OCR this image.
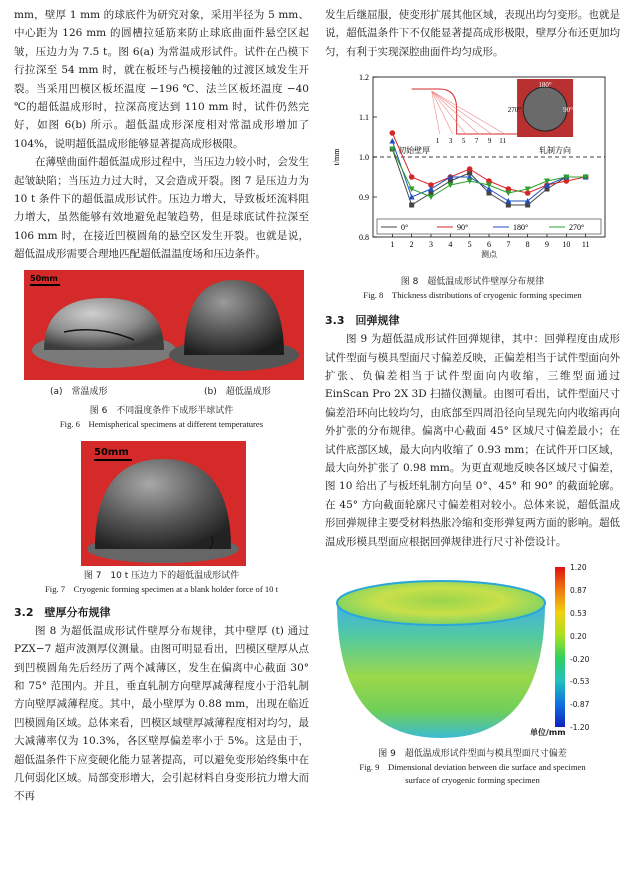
mm，壁厚 1 mm 的球底件为研究对象，采用半径为 5 mm、中心距为 126 mm 的圆槽拉延筋来防止球底曲面件悬空区起皱，压边力为 7.5 t。图 6(a) 为常温成形试件。试件在凸模下行拉深至 54 mm 时，就在板坯与凸模接触的过渡区域发生开裂。当采用凹模区板坯温度 −196 ℃、法兰区板坯温度 −40 ℃的超低温成形时，拉深高度达到 110 mm 时，试件仍然完好，如图 6(b) 所示。超低温成形深度相对常温成形增加了 104%，说明超低温成形能够显著提高成形极限。

在薄壁曲面件超低温成形过程中，当压边力较小时，会发生起皱缺陷；当压边力过大时，又会造成开裂。图 7 是压边力为 10 t 条件下的超低温成形试件。压边力增大，导致板坯流料阻力增大，虽然能够有效地避免起皱趋势，但是球底试件拉深至 106 mm 时，在接近凹模圆角的悬空区发生开裂。也就是说，超低温成形需要合理地匹配超低温温度场和压边条件。

50mm
(a)　常温成形	(b)　超低温成形
图 6　不同温度条件下成形半球试件
Fig. 6　Hemispherical specimens at different temperatures
50mm
图 7　10 t 压边力下的超低温成形试件
Fig. 7　Cryogenic forming specimen at a blank holder force of 10 t
3.2　壁厚分布规律

图 8 为超低温成形试件壁厚分布规律，其中壁厚 (t) 通过 PZX−7 超声波测厚仪测量。由图可明显看出，凹模区壁厚从点到凹模圆角先后经历了两个减薄区，发生在偏离中心截面 30° 和 75° 范围内。并且，垂直轧制方向壁厚减薄程度小于沿轧制方向壁厚减薄程度。其中，最小壁厚为 0.88 mm，出现在临近凹模圆角区域。总体来看，凹模区域壁厚减薄程度相对均匀，最大减薄率仅为 10.3%，各区壁厚偏差率小于 5%。这是由于，超低温条件下应变硬化能力显著提高，可以避免变形始终集中在几何弱化区域。局部变形增大，会引起材料自身变形抗力增大而不再

发生后继屈服，使变形扩展其他区域，表现出均匀变形。也就是说，超低温条件下不仅能显著提高成形极限，壁厚分布还更加均匀，有利于实现深腔曲面件均匀成形。

0.8
0.9
1.0
1.1
1.2
1 2 3 4 5 6 7 8 9 10 11
测点
t/mm	初始壁厚
1 3 5 7 9 11
180°
270°	90°
轧制方向
0°	90°	180°	270°
图 8　超低温成形试件壁厚分布规律
Fig. 8　Thickness distributions of cryogenic forming specimen
3.3　回弹规律

图 9 为超低温成形试件回弹规律，其中：回弹程度由成形试件型面与模具型面尺寸偏差反映，正偏差相当于试件型面向外扩张、负偏差相当于试件型面向内收缩，三维型面通过 EinScan Pro 2X 3D 扫描仪测量。由图可看出，试件型面尺寸偏差沿环向比较均匀，由底部至四周沿径向呈现先向内收缩再向外扩张的分布规律。偏离中心截面 45° 区域尺寸偏差最小；在试件底部区域，最大向内收缩了 0.93 mm；在试件开口区域，最大向外扩张了 0.98 mm。为更直观地反映各区域尺寸偏差，图 10 给出了与板坯轧制方向呈 0°、45° 和 90° 的截面轮廓。在 45° 方向截面轮廓尺寸偏差相对较小。总体来说，超低温成形回弹规律主要受材料热胀冷缩和变形弹复两方面的影响。超低温成形模具型面应根据回弹规律进行尺寸补偿设计。

1.20
0.87
0.53
0.20
-0.20
-0.53
-0.87
-1.20
单位/mm
图 9　超低温成形试件型面与模具型面尺寸偏差
Fig. 9　Dimensional deviation between die surface and specimen
surface of cryogenic forming specimen
